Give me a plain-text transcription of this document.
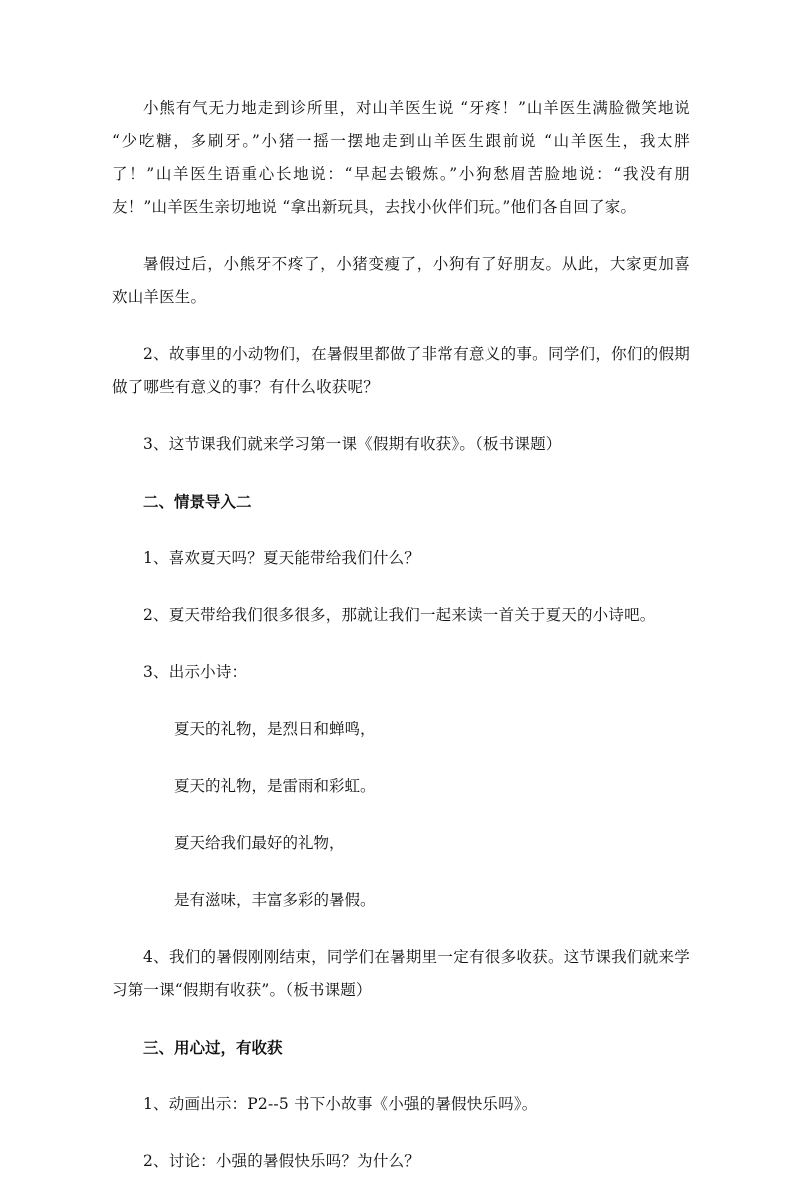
小熊有气无力地走到诊所里，对山羊医生说 “牙疼！”山羊医生满脸微笑地说 “少吃糖，多刷牙。”小猪一摇一摆地走到山羊医生跟前说 “山羊医生，我太胖了！”山羊医生语重心长地说：“早起去锻炼。”小狗愁眉苦脸地说：“我没有朋友！”山羊医生亲切地说 “拿出新玩具，去找小伙伴们玩。”他们各自回了家。

暑假过后，小熊牙不疼了，小猪变瘦了，小狗有了好朋友。从此，大家更加喜欢山羊医生。

2、故事里的小动物们，在暑假里都做了非常有意义的事。同学们，你们的假期做了哪些有意义的事？有什么收获呢？

3、这节课我们就来学习第一课《假期有收获》。（板书课题）

二、情景导入二

1、喜欢夏天吗？夏天能带给我们什么？

2、夏天带给我们很多很多，那就让我们一起来读一首关于夏天的小诗吧。

3、出示小诗：

夏天的礼物，是烈日和蝉鸣，

夏天的礼物，是雷雨和彩虹。

夏天给我们最好的礼物，

是有滋味，丰富多彩的暑假。

4、我们的暑假刚刚结束，同学们在暑期里一定有很多收获。这节课我们就来学习第一课“假期有收获”。（板书课题）

三、用心过，有收获

1、动画出示：P2--5 书下小故事《小强的暑假快乐吗》。

2、讨论：小强的暑假快乐吗？为什么？
